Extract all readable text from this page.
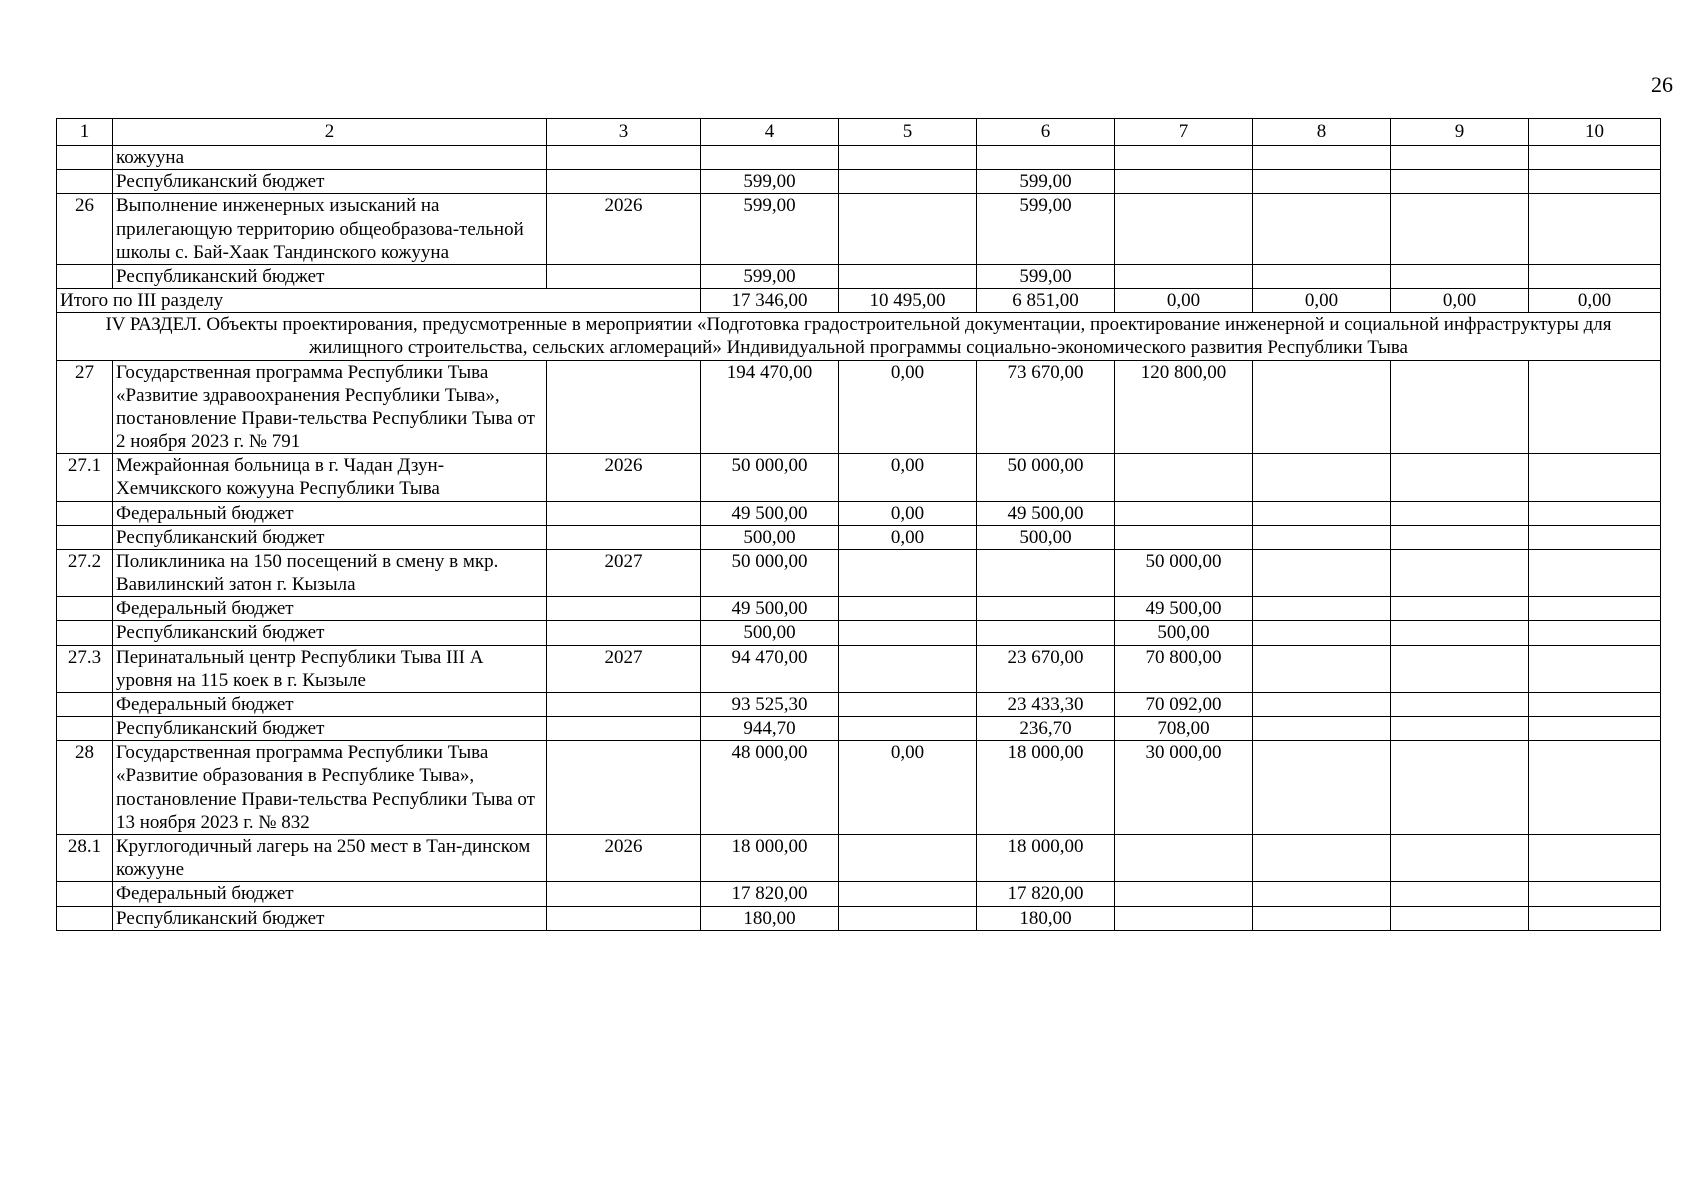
26
1	2	3	4	5	6	7	8	9	10
	кожууна								
	Республиканский бюджет		599,00		599,00				
26	Выполнение инженерных изысканий на прилегающую территорию общеобразова-тельной школы с. Бай-Хаак Тандинского кожууна	2026	599,00		599,00				
	Республиканский бюджет		599,00		599,00				
Итого по III разделу			17 346,00	10 495,00	6 851,00	0,00	0,00	0,00	0,00
IV РАЗДЕЛ. Объекты проектирования, предусмотренные в мероприятии «Подготовка градостроительной документации, проектирование инженерной и социальной инфраструктуры для жилищного строительства, сельских агломераций» Индивидуальной программы социально-экономического развития Республики Тыва									
27	Государственная программа Республики Тыва «Развитие здравоохранения Республики Тыва», постановление Прави-тельства Республики Тыва от 2 ноября 2023 г. № 791		194 470,00	0,00	73 670,00	120 800,00			
27.1	Межрайонная больница в г. Чадан Дзун-Хемчикского кожууна Республики Тыва	2026	50 000,00	0,00	50 000,00				
	Федеральный бюджет		49 500,00	0,00	49 500,00				
	Республиканский бюджет		500,00	0,00	500,00				
27.2	Поликлиника на 150 посещений в смену в мкр. Вавилинский затон г. Кызыла	2027	50 000,00			50 000,00			
	Федеральный бюджет		49 500,00			49 500,00			
	Республиканский бюджет		500,00			500,00			
27.3	Перинатальный центр Республики Тыва III А уровня на 115 коек в г. Кызыле	2027	94 470,00		23 670,00	70 800,00			
	Федеральный бюджет		93 525,30		23 433,30	70 092,00			
	Республиканский бюджет		944,70		236,70	708,00			
28	Государственная программа Республики Тыва «Развитие образования в Республике Тыва», постановление Прави-тельства Республики Тыва от 13 ноября 2023 г. № 832		48 000,00	0,00	18 000,00	30 000,00			
28.1	Круглогодичный лагерь на 250 мест в Тан-динском кожууне	2026	18 000,00		18 000,00				
	Федеральный бюджет		17 820,00		17 820,00				
	Республиканский бюджет		180,00		180,00				
